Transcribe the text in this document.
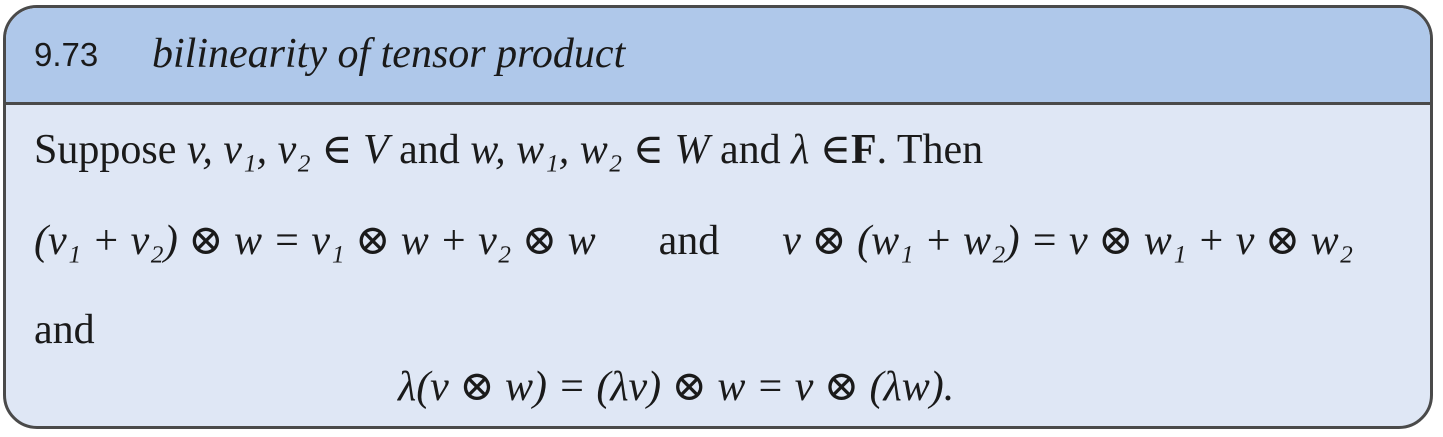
9.73 bilinearity of tensor product
Suppose v, v₁, v₂ ∈ V and w, w₁, w₂ ∈ W and λ ∈F. Then
(v₁ + v₂) ⊗ w = v₁ ⊗ w + v₂ ⊗ w and v ⊗ (w₁ + w₂) = v ⊗ w₁ + v ⊗ w₂
and
λ(v ⊗ w) = (λv) ⊗ w = v ⊗ (λw).
